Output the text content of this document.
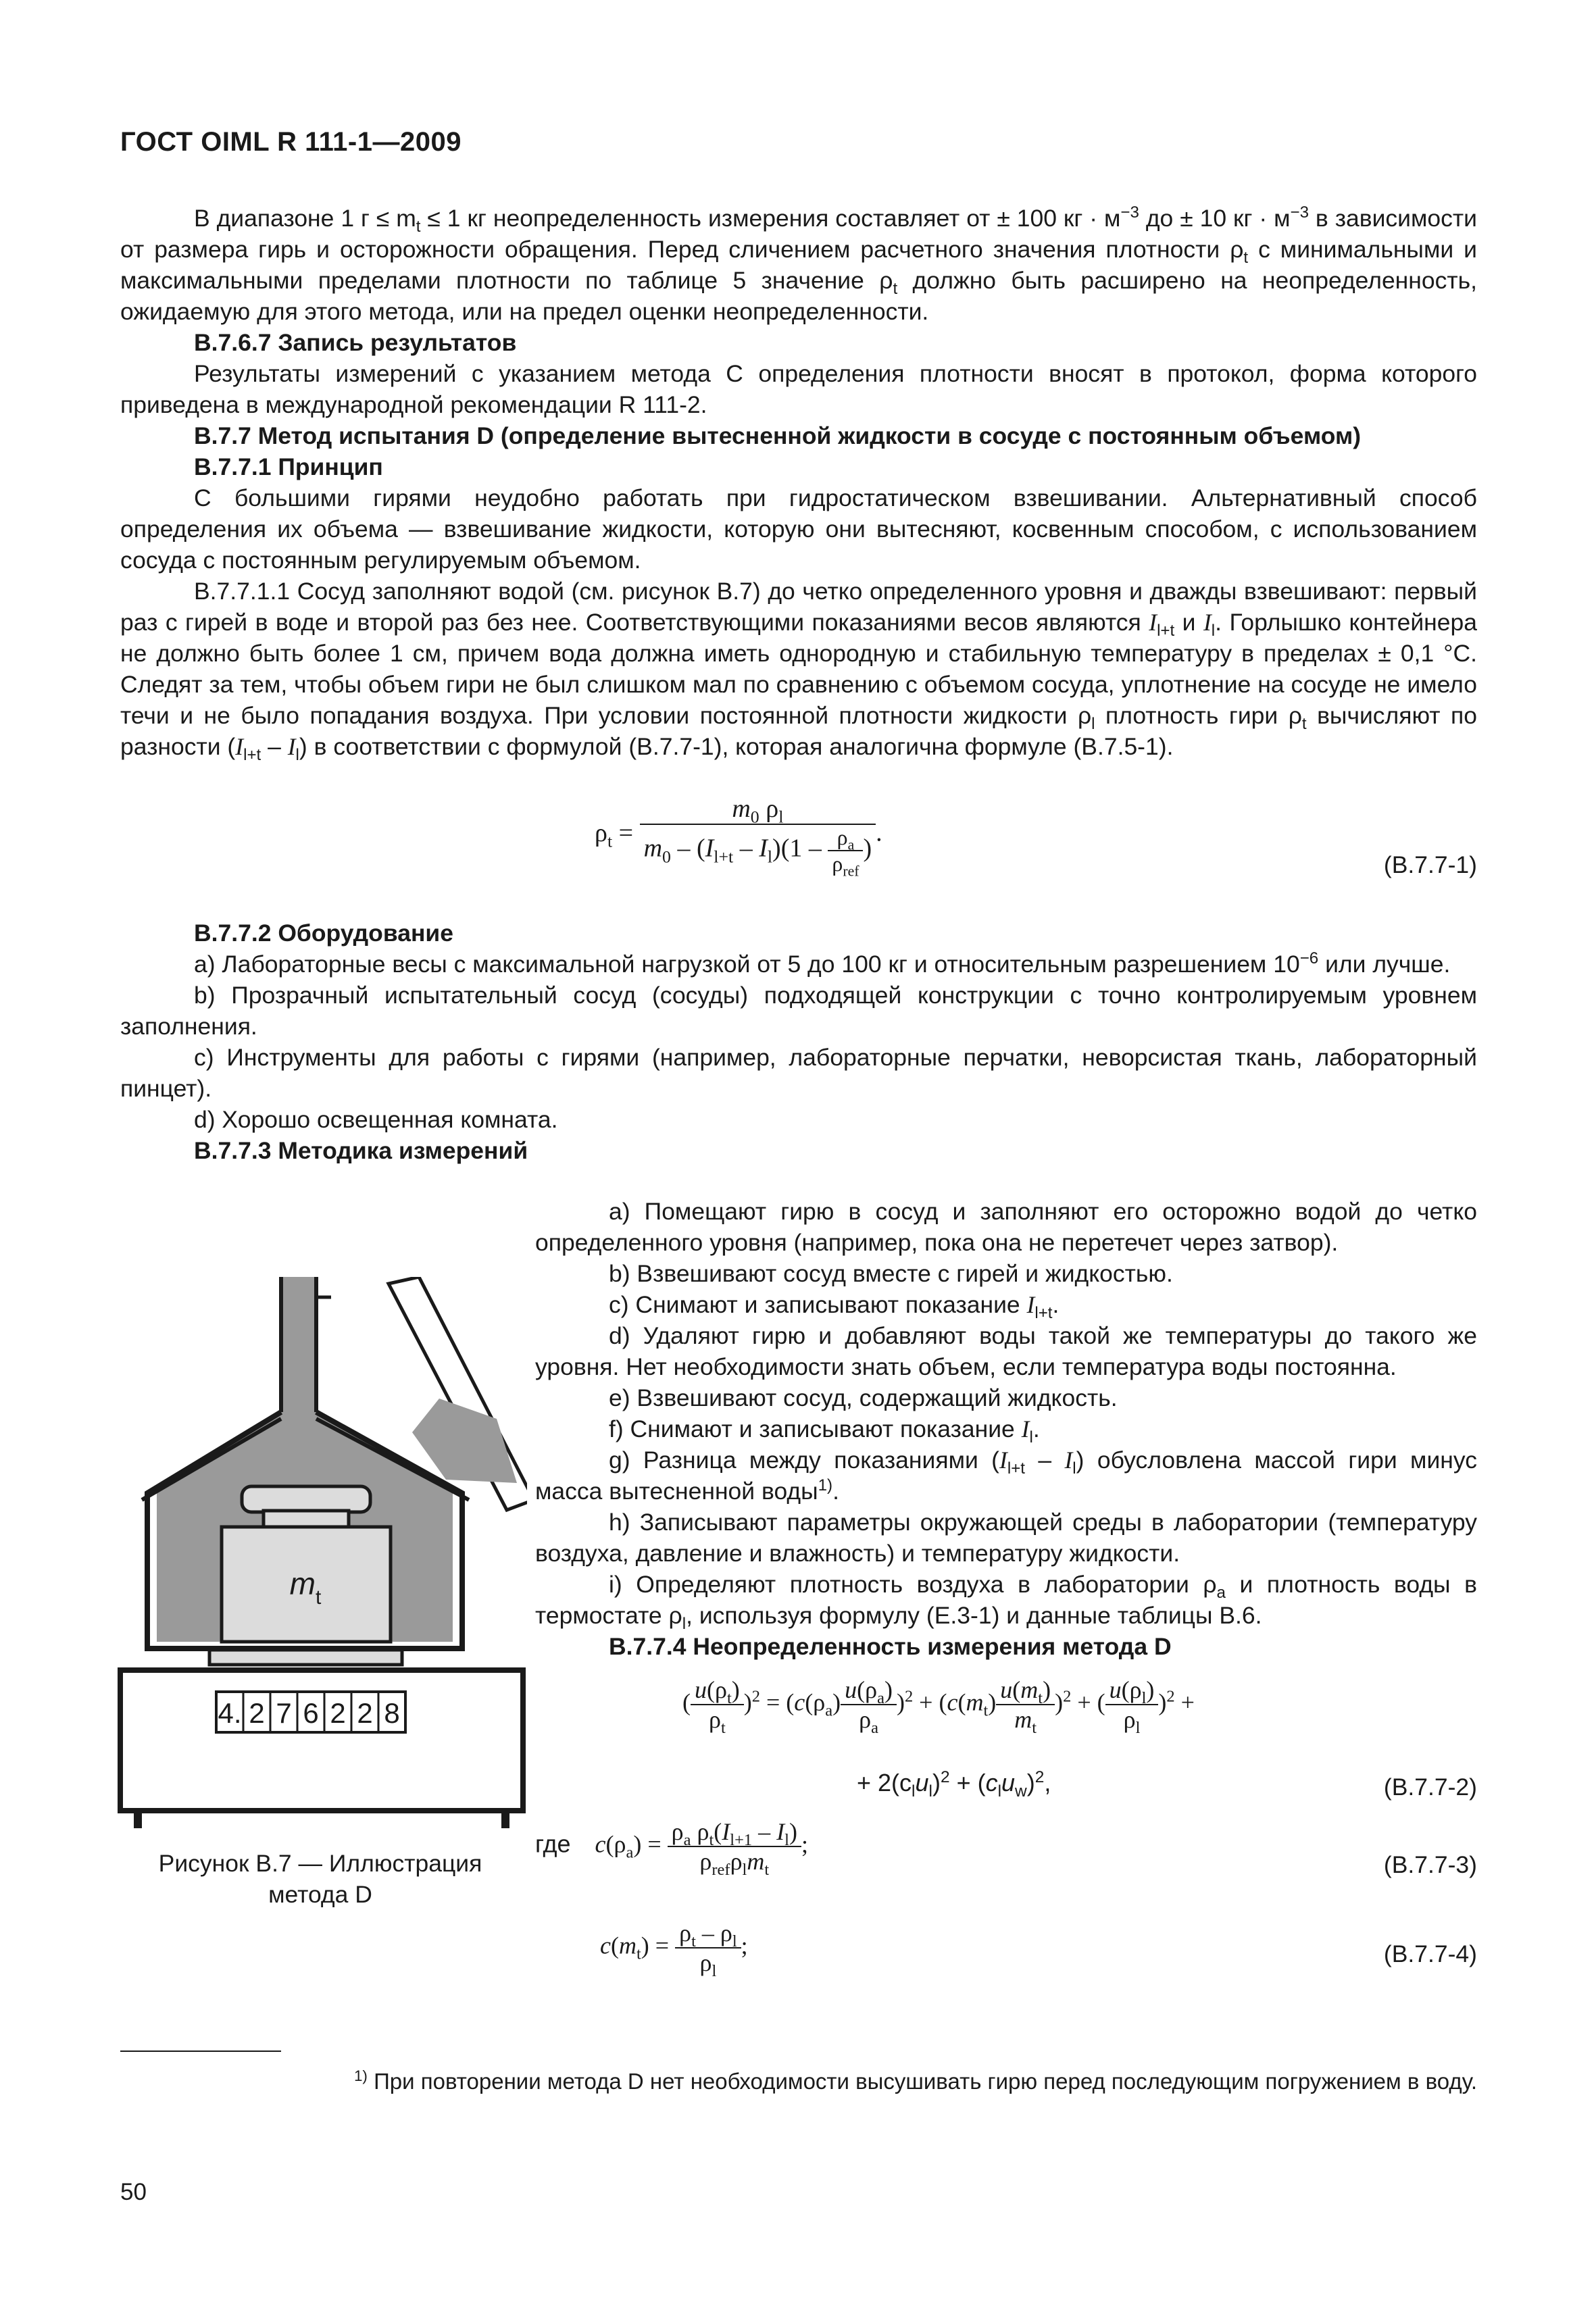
ГОСТ OIML R 111-1—2009

В диапазоне 1 $г \le m_t \le 1$ кг неопределенность измерения составляет от ± 100 кг · $м^{-3}$ до ± 10 кг · $м^{-3}$ в зависимости от размера гирь и осторожности обращения. Перед сличением расчетного значения плотности $\rho_t$ с минимальными и максимальными пределами плотности по таблице 5 значение $\rho_t$ должно быть расширено на неопределенность, ожидаемую для этого метода, или на предел оценки неопределенности.

B.7.6.7 Запись результатов

Результаты измерений с указанием метода C определения плотности вносят в протокол, форма которого приведена в международной рекомендации R 111-2.

B.7.7 Метод испытания D (определение вытесненной жидкости в сосуде с постоянным объемом)

B.7.7.1 Принцип

С большими гирями неудобно работать при гидростатическом взвешивании. Альтернативный способ определения их объема — взвешивание жидкости, которую они вытесняют, косвенным способом, с использованием сосуда с постоянным регулируемым объемом.

B.7.7.1.1 Сосуд заполняют водой (см. рисунок B.7) до четко определенного уровня и дважды взвешивают: первый раз с гирей в воде и второй раз без нее. Соответствующими показаниями весов являются $I_{l+t}$ и $I_l$. Горлышко контейнера не должно быть более 1 см, причем вода должна иметь однородную и стабильную температуру в пределах ± 0,1 °С. Следят за тем, чтобы объем гири не был слишком мал по сравнению с объемом сосуда, уплотнение на сосуде не имело течи и не было попадания воздуха. При условии постоянной плотности жидкости $\rho_l$ плотность гири $\rho_t$ вычисляют по разности $(I_{l+t} - I_l)$ в соответствии с формулой (B.7.7-1), которая аналогична формуле (B.7.5-1).

$\rho_t = \frac{m_0 \rho_l}{m_0 - (I_{l+t} - I_l)(1 - \frac{\rho_a}{\rho_{ref}} )}$ .
(B.7.7-1)

B.7.7.2 Оборудование

a) Лабораторные весы с максимальной нагрузкой от 5 до 100 кг и относительным разрешением $10^{-6}$ или лучше.

b) Прозрачный испытательный сосуд (сосуды) подходящей конструкции с точно контролируемым уровнем заполнения.

c) Инструменты для работы с гирями (например, лабораторные перчатки, неворсистая ткань, лабораторный пинцет).

d) Хорошо освещенная комната.

B.7.7.3 Методика измерений

a) Помещают гирю в сосуд и заполняют его осторожно водой до четко определенного уровня (например, пока она не перетечет через затвор).

b) Взвешивают сосуд вместе с гирей и жидкостью.

c) Снимают и записывают показание $I_{l+t}$.

d) Удаляют гирю и добавляют воды такой же температуры до такого же уровня. Нет необходимости знать объем, если температура воды постоянна.

e) Взвешивают сосуд, содержащий жидкость.

f) Снимают и записывают показание $I_l$.

g) Разница между показаниями $(I_{l+t} - I_l)$ обусловлена массой гири минус масса вытесненной воды$^{1)}$.

h) Записывают параметры окружающей среды в лаборатории (температуру воздуха, давление и влажность) и температуру жидкости.

i) Определяют плотность воздуха в лаборатории $\rho_a$ и плотность воды в термостате $\rho_l$, используя формулу (E.3-1) и данные таблицы B.6.

B.7.7.4 Неопределенность измерения метода D

$m_t$
4. 2 7 6 2 2 8
Рисунок B.7 — Иллюстрация
метода D
( $\frac{u(\rho_t)}{\rho_t} )^2 = (c(\rho_a) \frac{u(\rho_a)}{\rho_a} )^2 + (c(m_t) \frac{u(m_t)}{m_t} )^2$ + ( $\frac{u(\rho_l)}{\rho_l} )^2$ +
+ $2(c_lu_l)^2 + (c_lu_w)^2$,	(B.7.7-2)
где $c(\rho_a) = \frac{\rho_a \rho_t(I_{l+1} - I_l)}{\rho_{ref}\rho_lm_t}$ ;
(B.7.7-3)
$c(m_t) = \frac{\rho_t - \rho_l}{\rho_l}$ ;	(B.7.7-4)
$^{1)}$ При повторении метода D нет необходимости высушивать гирю перед последующим погружением в воду.
50
